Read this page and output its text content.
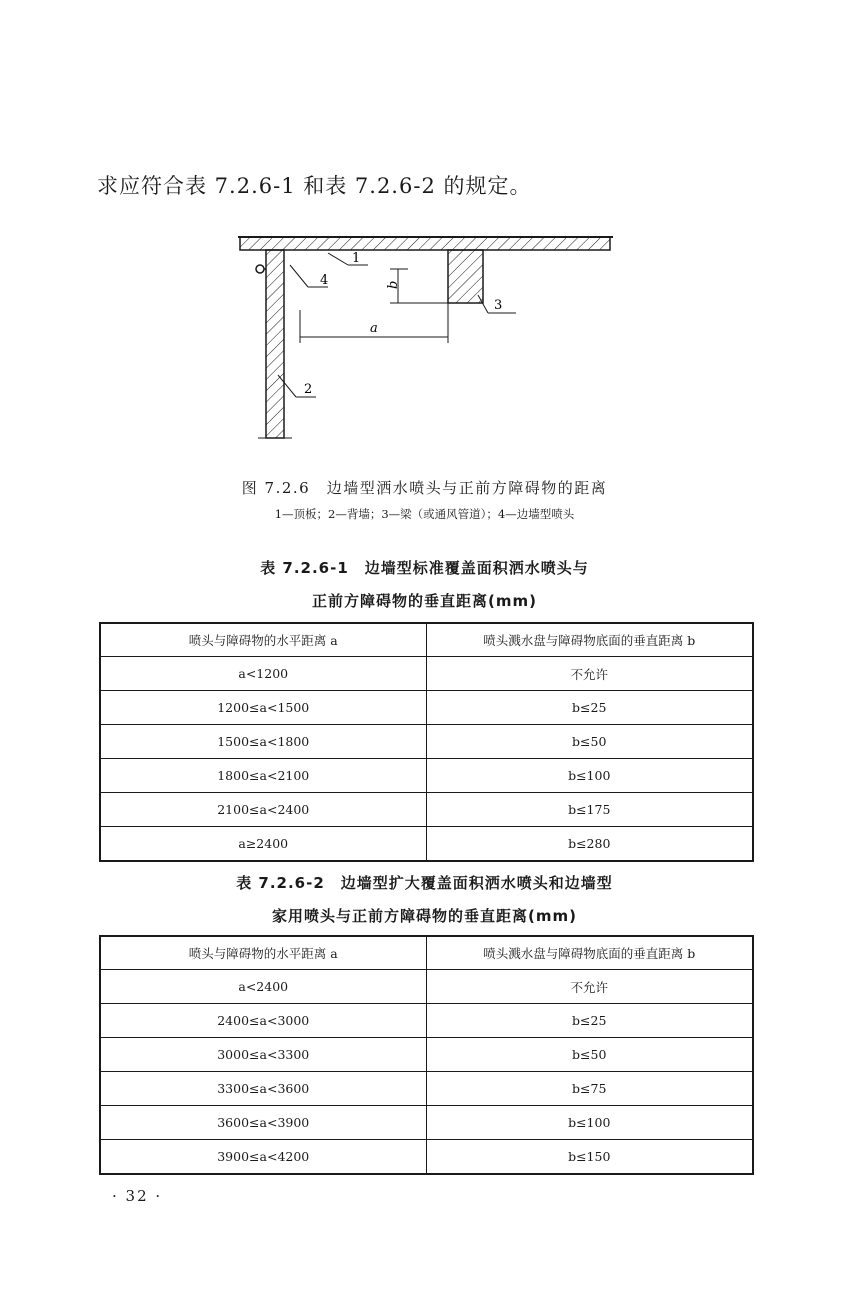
求应符合表 7.2.6-1 和表 7.2.6-2 的规定。
1
4
2
3
a
b
图 7.2.6　边墙型洒水喷头与正前方障碍物的距离
1—顶板；2—背墙；3—梁（或通风管道）；4—边墙型喷头
表 7.2.6-1　边墙型标准覆盖面积洒水喷头与
正前方障碍物的垂直距离(mm)
喷头与障碍物的水平距离 a	喷头溅水盘与障碍物底面的垂直距离 b
a<1200	不允许
1200≤a<1500	b≤25
1500≤a<1800	b≤50
1800≤a<2100	b≤100
2100≤a<2400	b≤175
a≥2400	b≤280
表 7.2.6-2　边墙型扩大覆盖面积洒水喷头和边墙型
家用喷头与正前方障碍物的垂直距离(mm)
喷头与障碍物的水平距离 a	喷头溅水盘与障碍物底面的垂直距离 b
a<2400	不允许
2400≤a<3000	b≤25
3000≤a<3300	b≤50
3300≤a<3600	b≤75
3600≤a<3900	b≤100
3900≤a<4200	b≤150
· 32 ·
